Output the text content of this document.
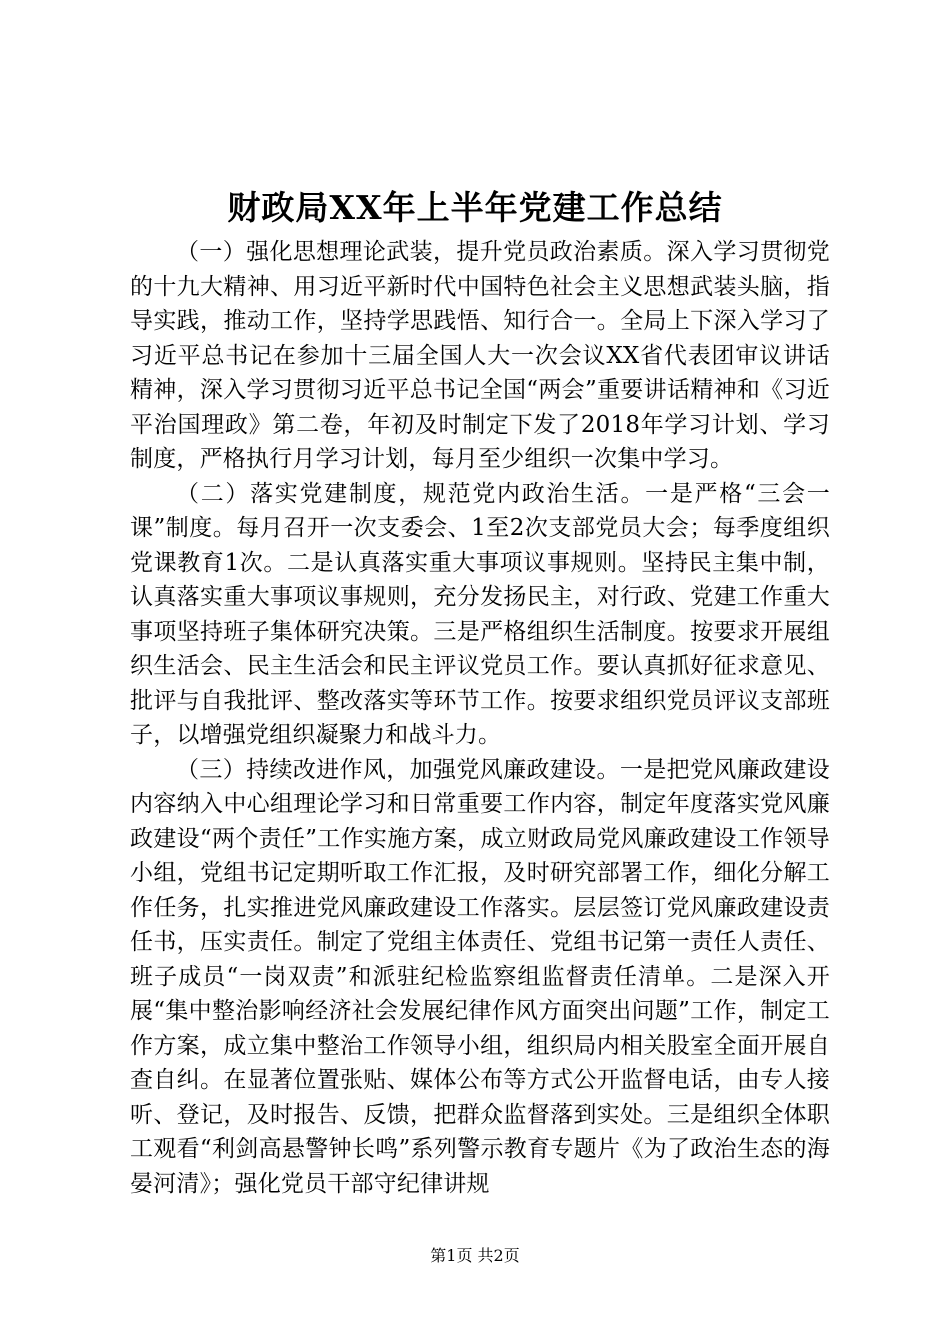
财政局XX年上半年党建工作总结

（一）强化思想理论武装，提升党员政治素质。深入学习贯彻党的十九大精神、用习近平新时代中国特色社会主义思想武装头脑，指导实践，推动工作，坚持学思践悟、知行合一。全局上下深入学习了习近平总书记在参加十三届全国人大一次会议XX省代表团审议讲话精神，深入学习贯彻习近平总书记全国“两会”重要讲话精神和《习近平治国理政》第二卷，年初及时制定下发了2018年学习计划、学习制度，严格执行月学习计划，每月至少组织一次集中学习。

（二）落实党建制度，规范党内政治生活。一是严格“三会一课”制度。每月召开一次支委会、1至2次支部党员大会；每季度组织党课教育1次。二是认真落实重大事项议事规则。坚持民主集中制，认真落实重大事项议事规则，充分发扬民主，对行政、党建工作重大事项坚持班子集体研究决策。三是严格组织生活制度。按要求开展组织生活会、民主生活会和民主评议党员工作。要认真抓好征求意见、批评与自我批评、整改落实等环节工作。按要求组织党员评议支部班子，以增强党组织凝聚力和战斗力。

（三）持续改进作风，加强党风廉政建设。一是把党风廉政建设内容纳入中心组理论学习和日常重要工作内容，制定年度落实党风廉政建设“两个责任”工作实施方案，成立财政局党风廉政建设工作领导小组，党组书记定期听取工作汇报，及时研究部署工作，细化分解工作任务，扎实推进党风廉政建设工作落实。层层签订党风廉政建设责任书，压实责任。制定了党组主体责任、党组书记第一责任人责任、班子成员“一岗双责”和派驻纪检监察组监督责任清单。二是深入开展“集中整治影响经济社会发展纪律作风方面突出问题”工作，制定工作方案，成立集中整治工作领导小组，组织局内相关股室全面开展自查自纠。在显著位置张贴、媒体公布等方式公开监督电话，由专人接听、登记，及时报告、反馈，把群众监督落到实处。三是组织全体职工观看“利剑高悬警钟长鸣”系列警示教育专题片《为了政治生态的海晏河清》；强化党员干部守纪律讲规

第1页 共2页
